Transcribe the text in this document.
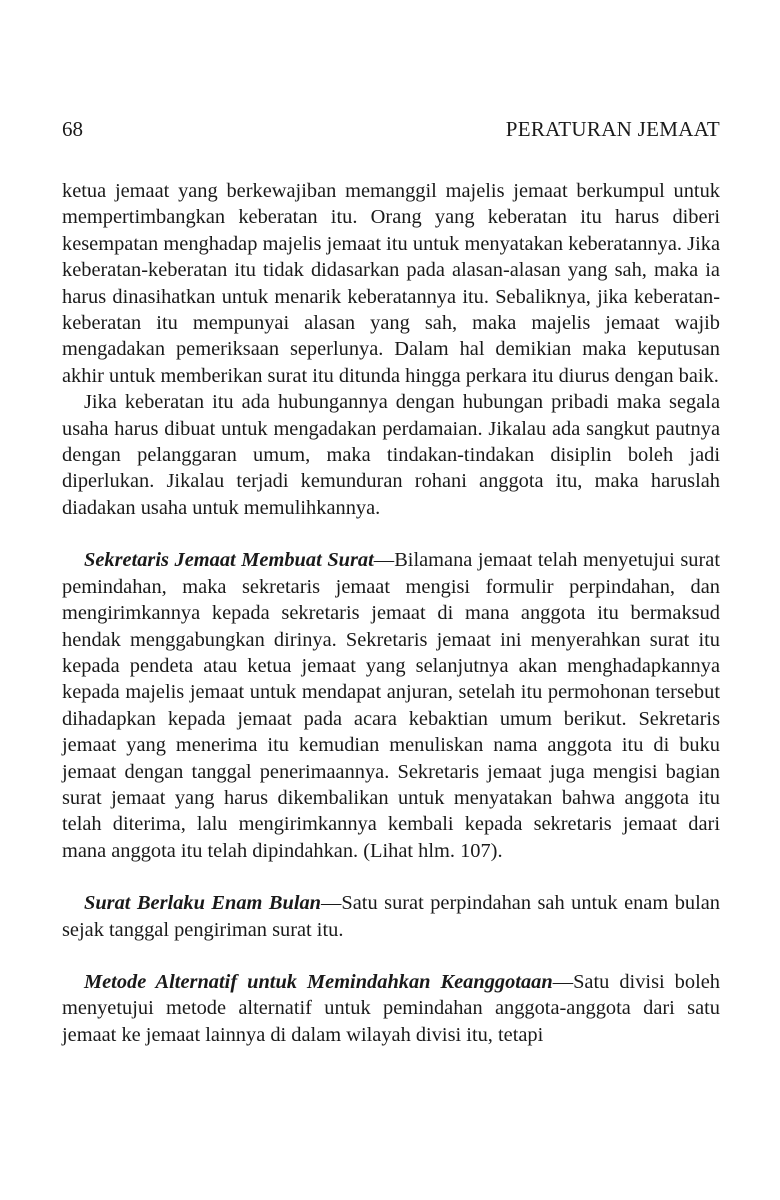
68	PERATURAN JEMAAT

ketua jemaat yang berkewajiban memanggil majelis jemaat berkumpul untuk mempertimbangkan keberatan itu. Orang yang keberatan itu harus diberi kesempatan menghadap majelis jemaat itu untuk menyatakan keberatannya. Jika keberatan-keberatan itu tidak didasarkan pada alasan-alasan yang sah, maka ia harus dinasihatkan untuk menarik keberatannya itu. Sebaliknya, jika keberatan-keberatan itu mempunyai alasan yang sah, maka majelis jemaat wajib mengadakan pemeriksaan seperlunya. Dalam hal demikian maka keputusan akhir untuk memberikan surat itu ditunda hingga perkara itu diurus dengan baik.

Jika keberatan itu ada hubungannya dengan hubungan pribadi maka segala usaha harus dibuat untuk mengadakan perdamaian. Jikalau ada sangkut pautnya dengan pelanggaran umum, maka tindakan-tindakan disiplin boleh jadi diperlukan. Jikalau terjadi kemunduran rohani anggota itu, maka haruslah diadakan usaha untuk memulihkannya.

Sekretaris Jemaat Membuat Surat—Bilamana jemaat telah menyetujui surat pemindahan, maka sekretaris jemaat mengisi formulir perpindahan, dan mengirimkannya kepada sekretaris jemaat di mana anggota itu bermaksud hendak menggabungkan dirinya. Sekretaris jemaat ini menyerahkan surat itu kepada pendeta atau ketua jemaat yang selanjutnya akan menghadapkannya kepada majelis jemaat untuk mendapat anjuran, setelah itu permohonan tersebut dihadapkan kepada jemaat pada acara kebaktian umum berikut. Sekretaris jemaat yang menerima itu kemudian menuliskan nama anggota itu di buku jemaat dengan tanggal penerimaannya. Sekretaris jemaat juga mengisi bagian surat jemaat yang harus dikembalikan untuk menyatakan bahwa anggota itu telah diterima, lalu mengirimkannya kembali kepada sekretaris jemaat dari mana anggota itu telah dipindahkan. (Lihat hlm. 107).

Surat Berlaku Enam Bulan—Satu surat perpindahan sah untuk enam bulan sejak tanggal pengiriman surat itu.

Metode Alternatif untuk Memindahkan Keanggotaan—Satu divisi boleh menyetujui metode alternatif untuk pemindahan anggota-anggota dari satu jemaat ke jemaat lainnya di dalam wilayah divisi itu, tetapi
